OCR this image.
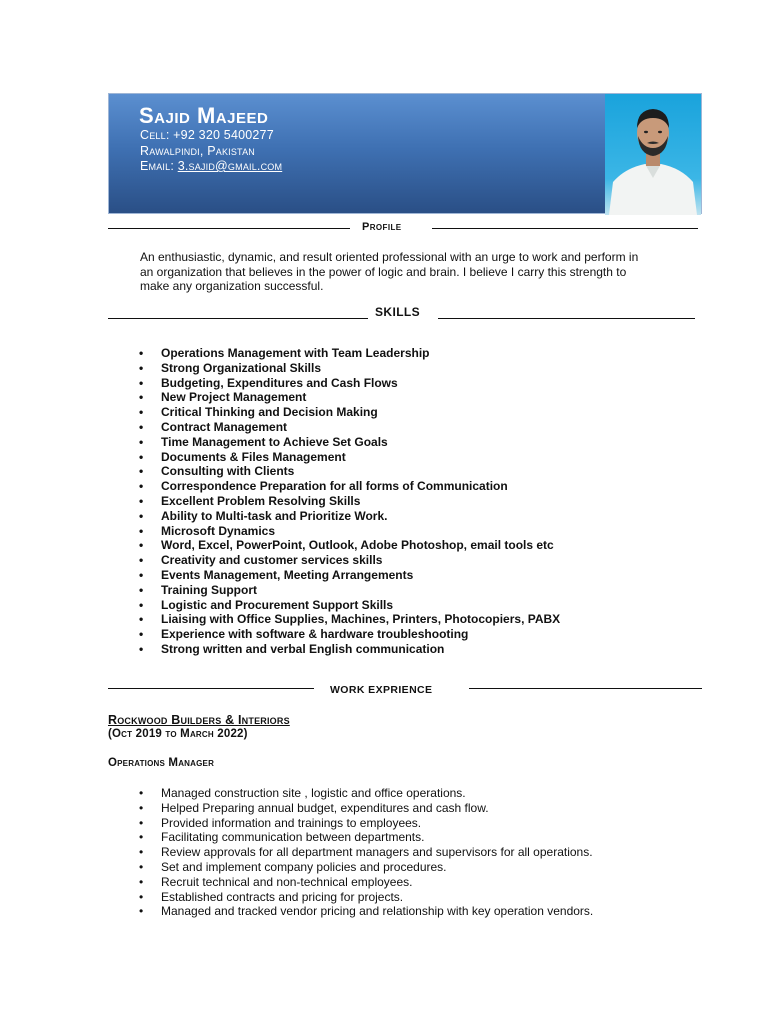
Sajid Majeed
Cell: +92 320 5400277
Rawalpindi, Pakistan
Email: 3.sajid@gmail.com
Profile
An enthusiastic, dynamic, and result oriented professional with an urge to work and perform in an organization that believes in the power of logic and brain. I believe I carry this strength to make any organization successful.
SKILLS
• Operations Management with Team Leadership
• Strong Organizational Skills
• Budgeting, Expenditures and Cash Flows
• New Project Management
• Critical Thinking and Decision Making
• Contract Management
• Time Management to Achieve Set Goals
• Documents & Files Management
• Consulting with Clients
• Correspondence Preparation for all forms of Communication
• Excellent Problem Resolving Skills
• Ability to Multi-task and Prioritize Work.
• Microsoft Dynamics
• Word, Excel, PowerPoint, Outlook, Adobe Photoshop, email tools etc
• Creativity and customer services skills
• Events Management, Meeting Arrangements
• Training Support
• Logistic and Procurement Support Skills
• Liaising with Office Supplies, Machines, Printers, Photocopiers, PABX
• Experience with software & hardware troubleshooting
• Strong written and verbal English communication
WORK EXPRIENCE
Rockwood Builders & Interiors
(Oct 2019 to March 2022)
Operations Manager
• Managed construction site , logistic and office operations.
• Helped Preparing annual budget, expenditures and cash flow.
• Provided information and trainings to employees.
• Facilitating communication between departments.
• Review approvals for all department managers and supervisors for all operations.
• Set and implement company policies and procedures.
• Recruit technical and non-technical employees.
• Established contracts and pricing for projects.
• Managed and tracked vendor pricing and relationship with key operation vendors.
